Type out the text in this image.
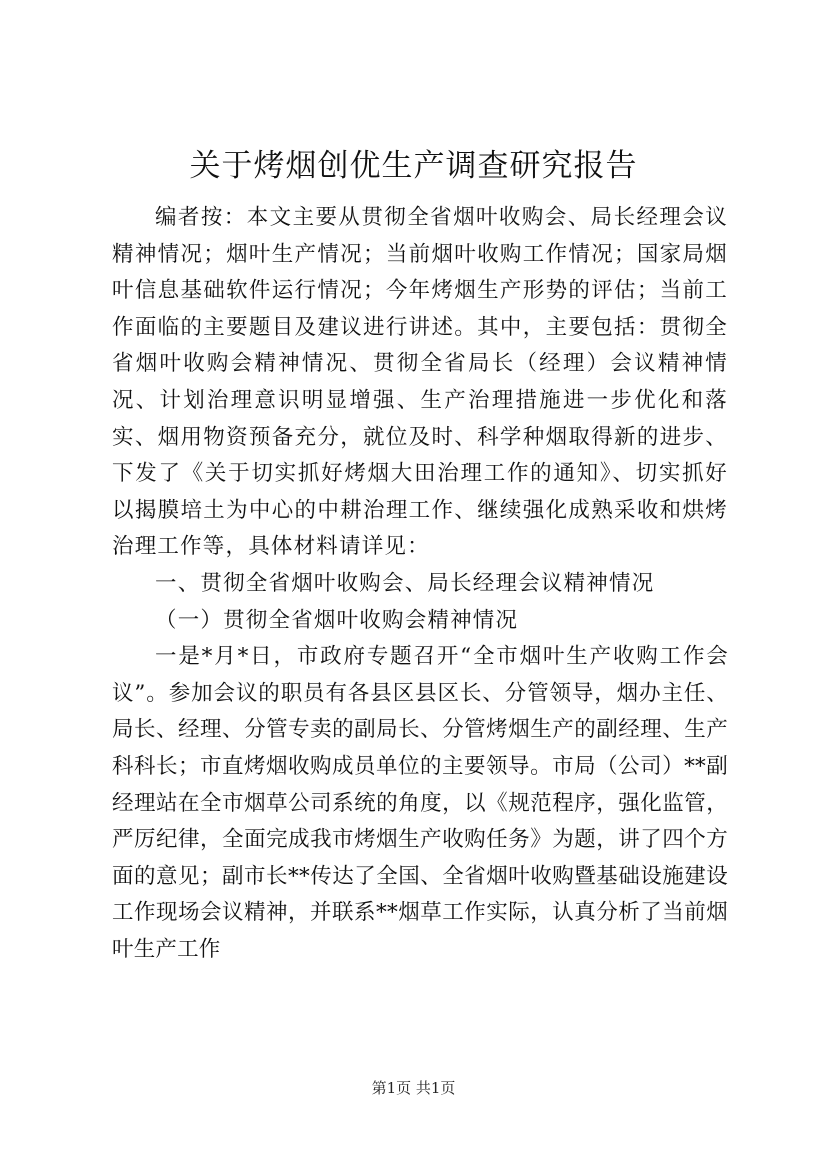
关于烤烟创优生产调查研究报告

编者按：本文主要从贯彻全省烟叶收购会、局长经理会议精神情况；烟叶生产情况；当前烟叶收购工作情况；国家局烟叶信息基础软件运行情况；今年烤烟生产形势的评估；当前工作面临的主要题目及建议进行讲述。其中，主要包括：贯彻全省烟叶收购会精神情况、贯彻全省局长（经理）会议精神情况、计划治理意识明显增强、生产治理措施进一步优化和落实、烟用物资预备充分，就位及时、科学种烟取得新的进步、下发了《关于切实抓好烤烟大田治理工作的通知》、切实抓好以揭膜培土为中心的中耕治理工作、继续强化成熟采收和烘烤治理工作等，具体材料请详见：

一、贯彻全省烟叶收购会、局长经理会议精神情况

（一）贯彻全省烟叶收购会精神情况

一是*月*日，市政府专题召开“全市烟叶生产收购工作会议”。参加会议的职员有各县区县区长、分管领导，烟办主任、局长、经理、分管专卖的副局长、分管烤烟生产的副经理、生产科科长；市直烤烟收购成员单位的主要领导。市局（公司）**副经理站在全市烟草公司系统的角度，以《规范程序，强化监管，严厉纪律，全面完成我市烤烟生产收购任务》为题，讲了四个方面的意见；副市长**传达了全国、全省烟叶收购暨基础设施建设工作现场会议精神，并联系**烟草工作实际，认真分析了当前烟叶生产工作

第1页 共1页
